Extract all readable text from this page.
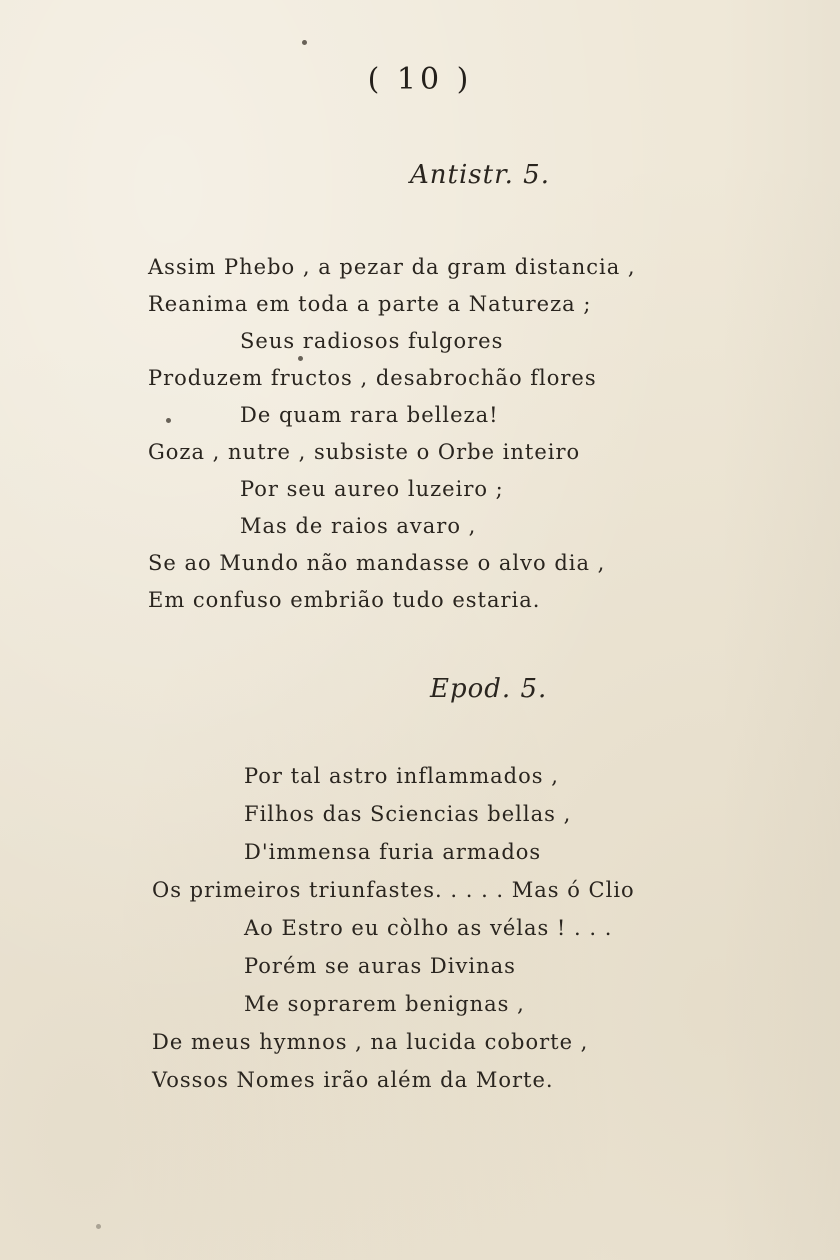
( 10 )
Antistr. 5.
Assim Phebo , a pezar da gram distancia ,
Reanima em toda a parte a Natureza ;
Seus radiosos fulgores
Produzem fructos , desabrochão flores
De quam rara belleza!
Goza , nutre , subsiste o Orbe inteiro
Por seu aureo luzeiro ;
Mas de raios avaro ,
Se ao Mundo não mandasse o alvo dia ,
Em confuso embrião tudo estaria.
Epod. 5.
Por tal astro inflammados ,
Filhos das Sciencias bellas ,
D'immensa furia armados
Os primeiros triunfastes. . . . . Mas ó Clio
Ao Estro eu còlho as vélas ! . . .
Porém se auras Divinas
Me soprarem benignas ,
De meus hymnos , na lucida coborte ,
Vossos Nomes irão além da Morte.
